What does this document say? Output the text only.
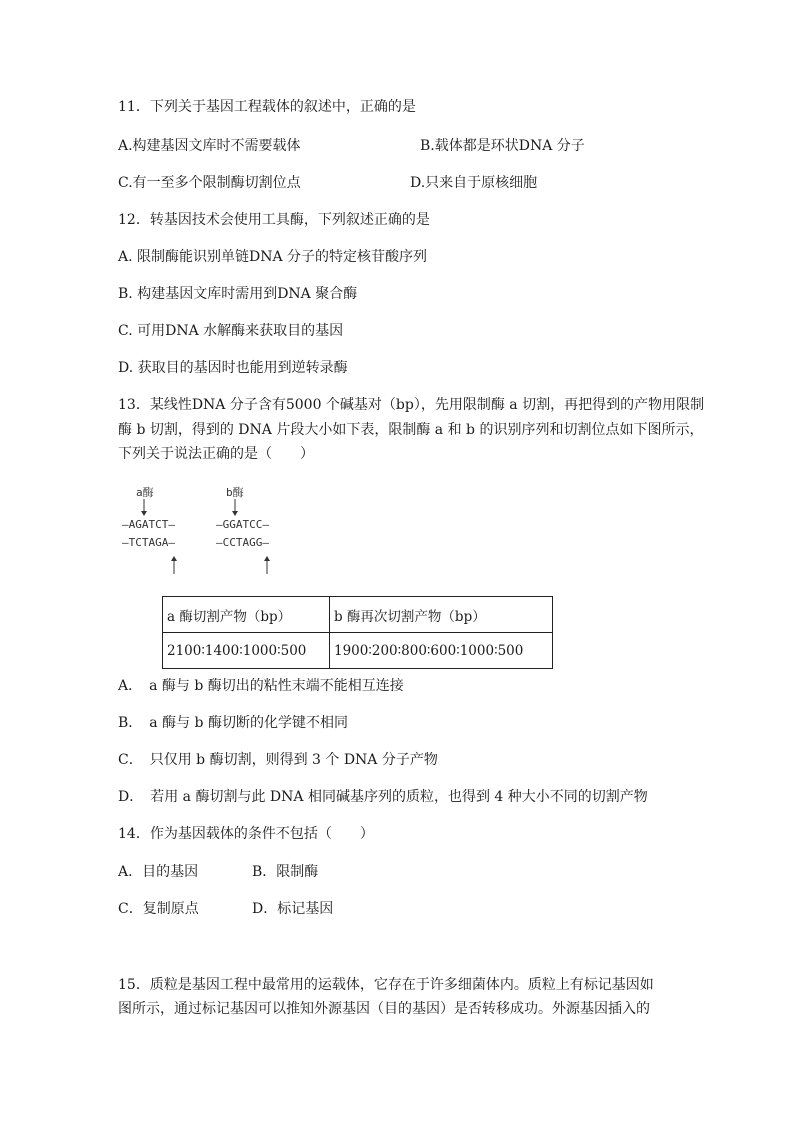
11．下列关于基因工程载体的叙述中，正确的是
A.构建基因文库时不需要载体	B.载体都是环状DNA 分子
C.有一至多个限制酶切割位点	D.只来自于原核细胞
12．转基因技术会使用工具酶，下列叙述正确的是
A. 限制酶能识别单链DNA 分子的特定核苷酸序列
B. 构建基因文库时需用到DNA 聚合酶
C. 可用DNA 水解酶来获取目的基因
D. 获取目的基因时也能用到逆转录酶
13．某线性DNA 分子含有5000 个碱基对（bp），先用限制酶 a 切割，再把得到的产物用限制
酶 b 切割，得到的 DNA 片段大小如下表，限制酶 a 和 b 的识别序列和切割位点如下图所示，
下列关于说法正确的是（　　）
a酶
—AGATCT—
—TCTAGA—
b酶
—GGATCC—
—CCTAGG—
a 酶切割产物（bp）	b 酶再次切割产物（bp）
2100∶1400∶1000∶500	1900∶200∶800∶600∶1000∶500
A．　a 酶与 b 酶切出的粘性末端不能相互连接
B．　a 酶与 b 酶切断的化学键不相同
C．　只仅用 b 酶切割，则得到 3 个 DNA 分子产物
D．　若用 a 酶切割与此 DNA 相同碱基序列的质粒，也得到 4 种大小不同的切割产物
14．作为基因载体的条件不包括（　　）
A．目的基因	B．限制酶
C．复制原点	D．标记基因
15．质粒是基因工程中最常用的运载体，它存在于许多细菌体内。质粒上有标记基因如
图所示，通过标记基因可以推知外源基因（目的基因）是否转移成功。外源基因插入的
